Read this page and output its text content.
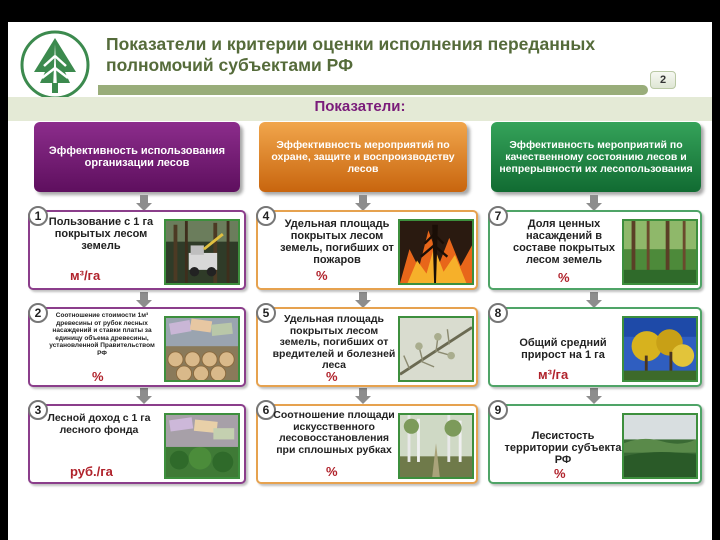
Показатели и критерии оценки исполнения переданных полномочий субъектами РФ
2
Показатели:
Эффективность использования организации лесов
Эффективность мероприятий по охране, защите и воспроизводству лесов
Эффективность мероприятий по качественному состоянию лесов и непрерывности их лесопользования
1 Пользование с 1 га покрытых лесом земель
м³/га
2	Соотношение стоимости 1м³ древесины от рубок лесных насаждений и ставки платы за единицу объема древесины, установленной Правительством РФ
%
3
Лесной доход с 1 га лесного фонда
руб./га
4
Удельная площадь покрытых лесом земель, погибших от пожаров
%
5	Удельная площадь покрытых лесом земель, погибших от вредителей и болезней леса
%
6 Соотношение площади искусственного лесовосстановления при сплошных рубках
%
7
Доля ценных насаждений в составе покрытых лесом земель
%
8
Общий средний прирост на 1 га
м³/га
9
Лесистость территории субъекта РФ
%
